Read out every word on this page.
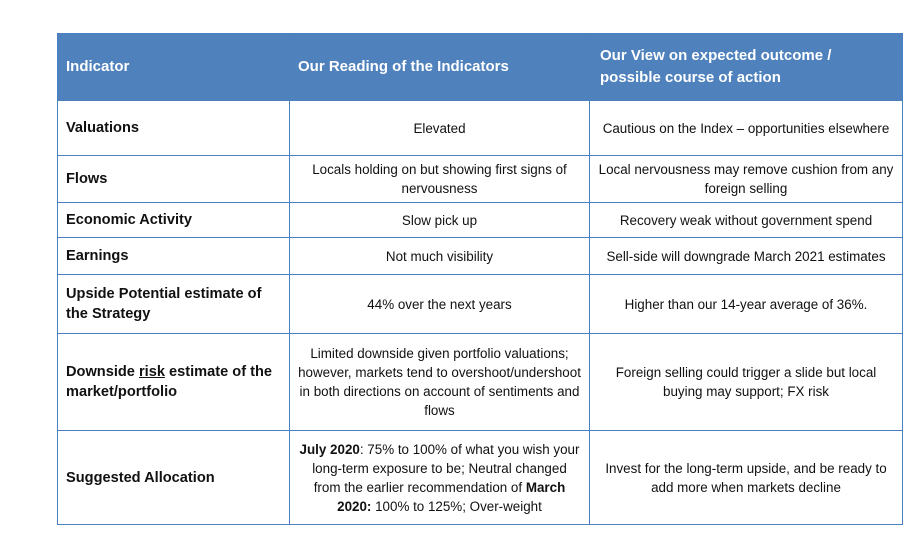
Indicator	Our Reading of the Indicators	Our View on expected outcome / possible course of action
Valuations	Elevated	Cautious on the Index – opportunities elsewhere
Flows	Locals holding on but showing first signs of nervousness	Local nervousness may remove cushion from any foreign selling
Economic Activity	Slow pick up	Recovery weak without government spend
Earnings	Not much visibility	Sell-side will downgrade March 2021 estimates
Upside Potential estimate of the Strategy	44% over the next years	Higher than our 14-year average of 36%.
Downside risk estimate of the market/portfolio	Limited downside given portfolio valuations; however, markets tend to overshoot/undershoot in both directions on account of sentiments and flows	Foreign selling could trigger a slide but local buying may support; FX risk
Suggested Allocation	July 2020: 75% to 100% of what you wish your long-term exposure to be; Neutral changed from the earlier recommendation of March 2020: 100% to 125%; Over-weight	Invest for the long-term upside, and be ready to add more when markets decline
